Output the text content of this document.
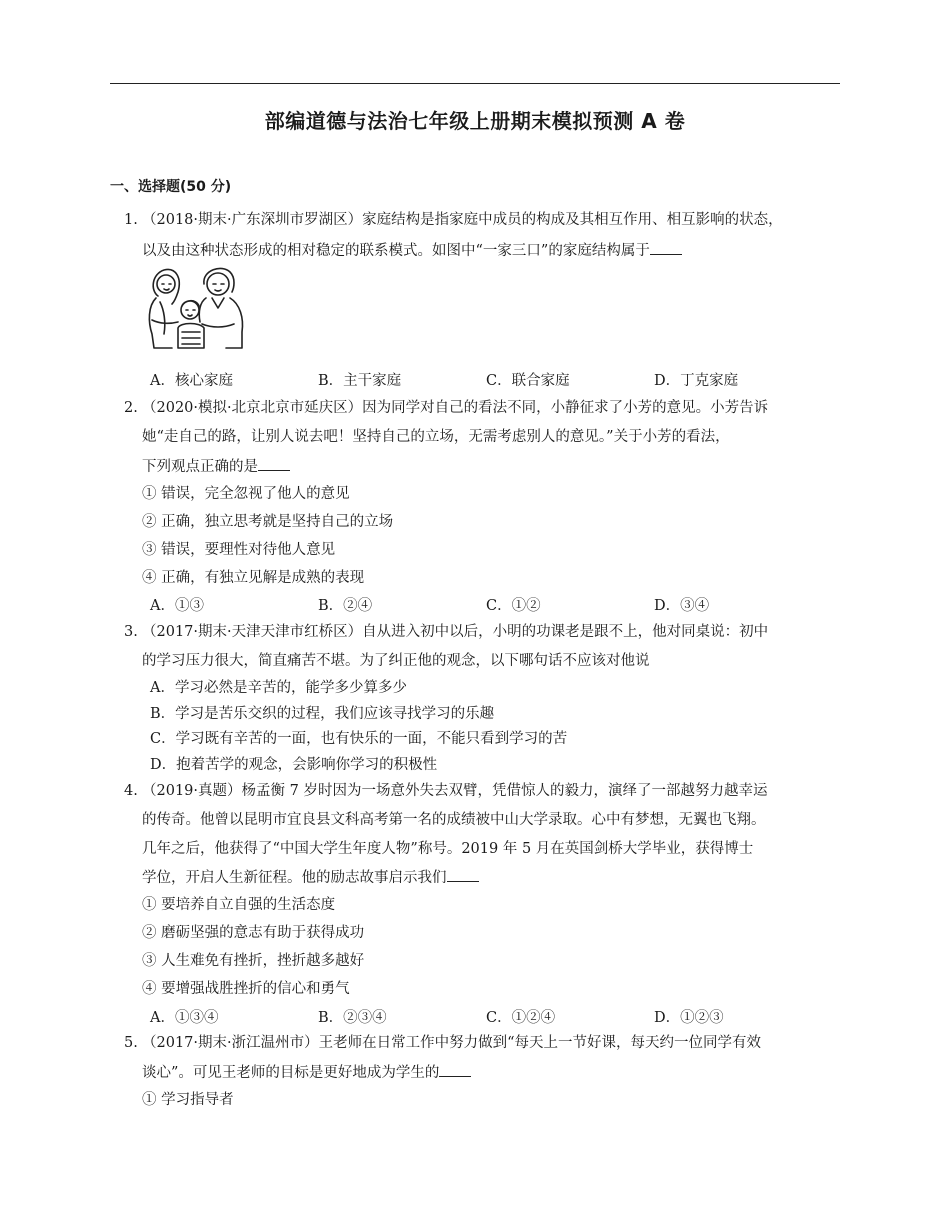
部编道德与法治七年级上册期末模拟预测 A 卷
一、选择题(50 分)
1. （2018·期末·广东深圳市罗湖区）家庭结构是指家庭中成员的构成及其相互作用、相互影响的状态，
以及由这种状态形成的相对稳定的联系模式。如图中“一家三口”的家庭结构属于
A．核心家庭	B．主干家庭	C．联合家庭	D．丁克家庭
2. （2020·模拟·北京北京市延庆区）因为同学对自己的看法不同，小静征求了小芳的意见。小芳告诉
她“走自己的路，让别人说去吧！坚持自己的立场，无需考虑别人的意见。”关于小芳的看法，
下列观点正确的是
① 错误，完全忽视了他人的意见
② 正确，独立思考就是坚持自己的立场
③ 错误，要理性对待他人意见
④ 正确，有独立见解是成熟的表现
A．①③	B．②④	C．①②	D．③④
3. （2017·期末·天津天津市红桥区）自从进入初中以后，小明的功课老是跟不上，他对同桌说：初中
的学习压力很大，简直痛苦不堪。为了纠正他的观念，以下哪句话不应该对他说
A．学习必然是辛苦的，能学多少算多少
B．学习是苦乐交织的过程，我们应该寻找学习的乐趣
C．学习既有辛苦的一面，也有快乐的一面，不能只看到学习的苦
D．抱着苦学的观念，会影响你学习的积极性
4. （2019·真题）杨孟衡 7 岁时因为一场意外失去双臂，凭借惊人的毅力，演绎了一部越努力越幸运
的传奇。他曾以昆明市宜良县文科高考第一名的成绩被中山大学录取。心中有梦想，无翼也飞翔。
几年之后，他获得了“中国大学生年度人物”称号。2019 年 5 月在英国剑桥大学毕业，获得博士
学位，开启人生新征程。他的励志故事启示我们
① 要培养自立自强的生活态度
② 磨砺坚强的意志有助于获得成功
③ 人生难免有挫折，挫折越多越好
④ 要增强战胜挫折的信心和勇气
A．①③④	B．②③④	C．①②④	D．①②③
5. （2017·期末·浙江温州市）王老师在日常工作中努力做到“每天上一节好课，每天约一位同学有效
谈心”。可见王老师的目标是更好地成为学生的
① 学习指导者
